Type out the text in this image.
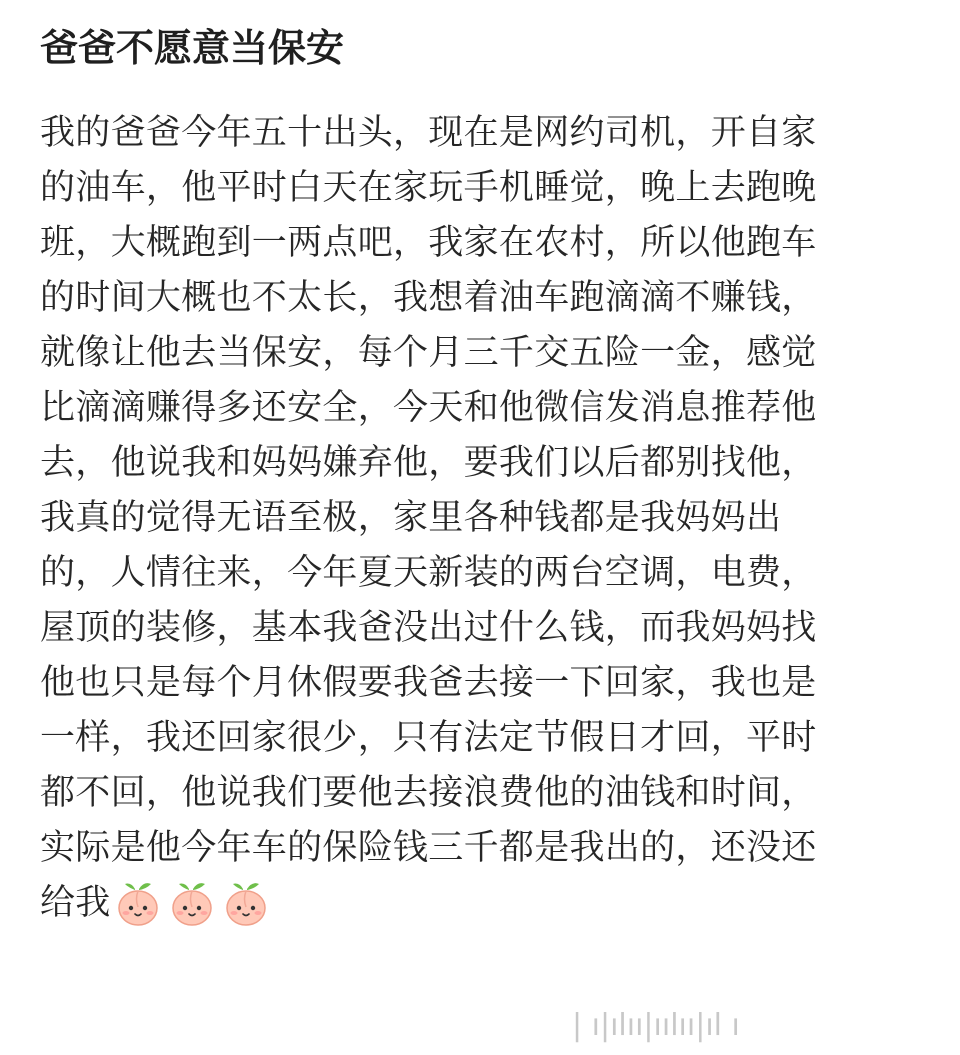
爸爸不愿意当保安
我的爸爸今年五十出头，现在是网约司机，开自家
的油车，他平时白天在家玩手机睡觉，晚上去跑晚
班，大概跑到一两点吧，我家在农村，所以他跑车
的时间大概也不太长，我想着油车跑滴滴不赚钱，
就像让他去当保安，每个月三千交五险一金，感觉
比滴滴赚得多还安全，今天和他微信发消息推荐他
去，他说我和妈妈嫌弃他，要我们以后都别找他，
我真的觉得无语至极，家里各种钱都是我妈妈出
的，人情往来，今年夏天新装的两台空调，电费，
屋顶的装修，基本我爸没出过什么钱，而我妈妈找
他也只是每个月休假要我爸去接一下回家，我也是
一样，我还回家很少，只有法定节假日才回，平时
都不回，他说我们要他去接浪费他的油钱和时间，
实际是他今年车的保险钱三千都是我出的，还没还
给我
| ı|ılıı|ıılıı|ıl ı
